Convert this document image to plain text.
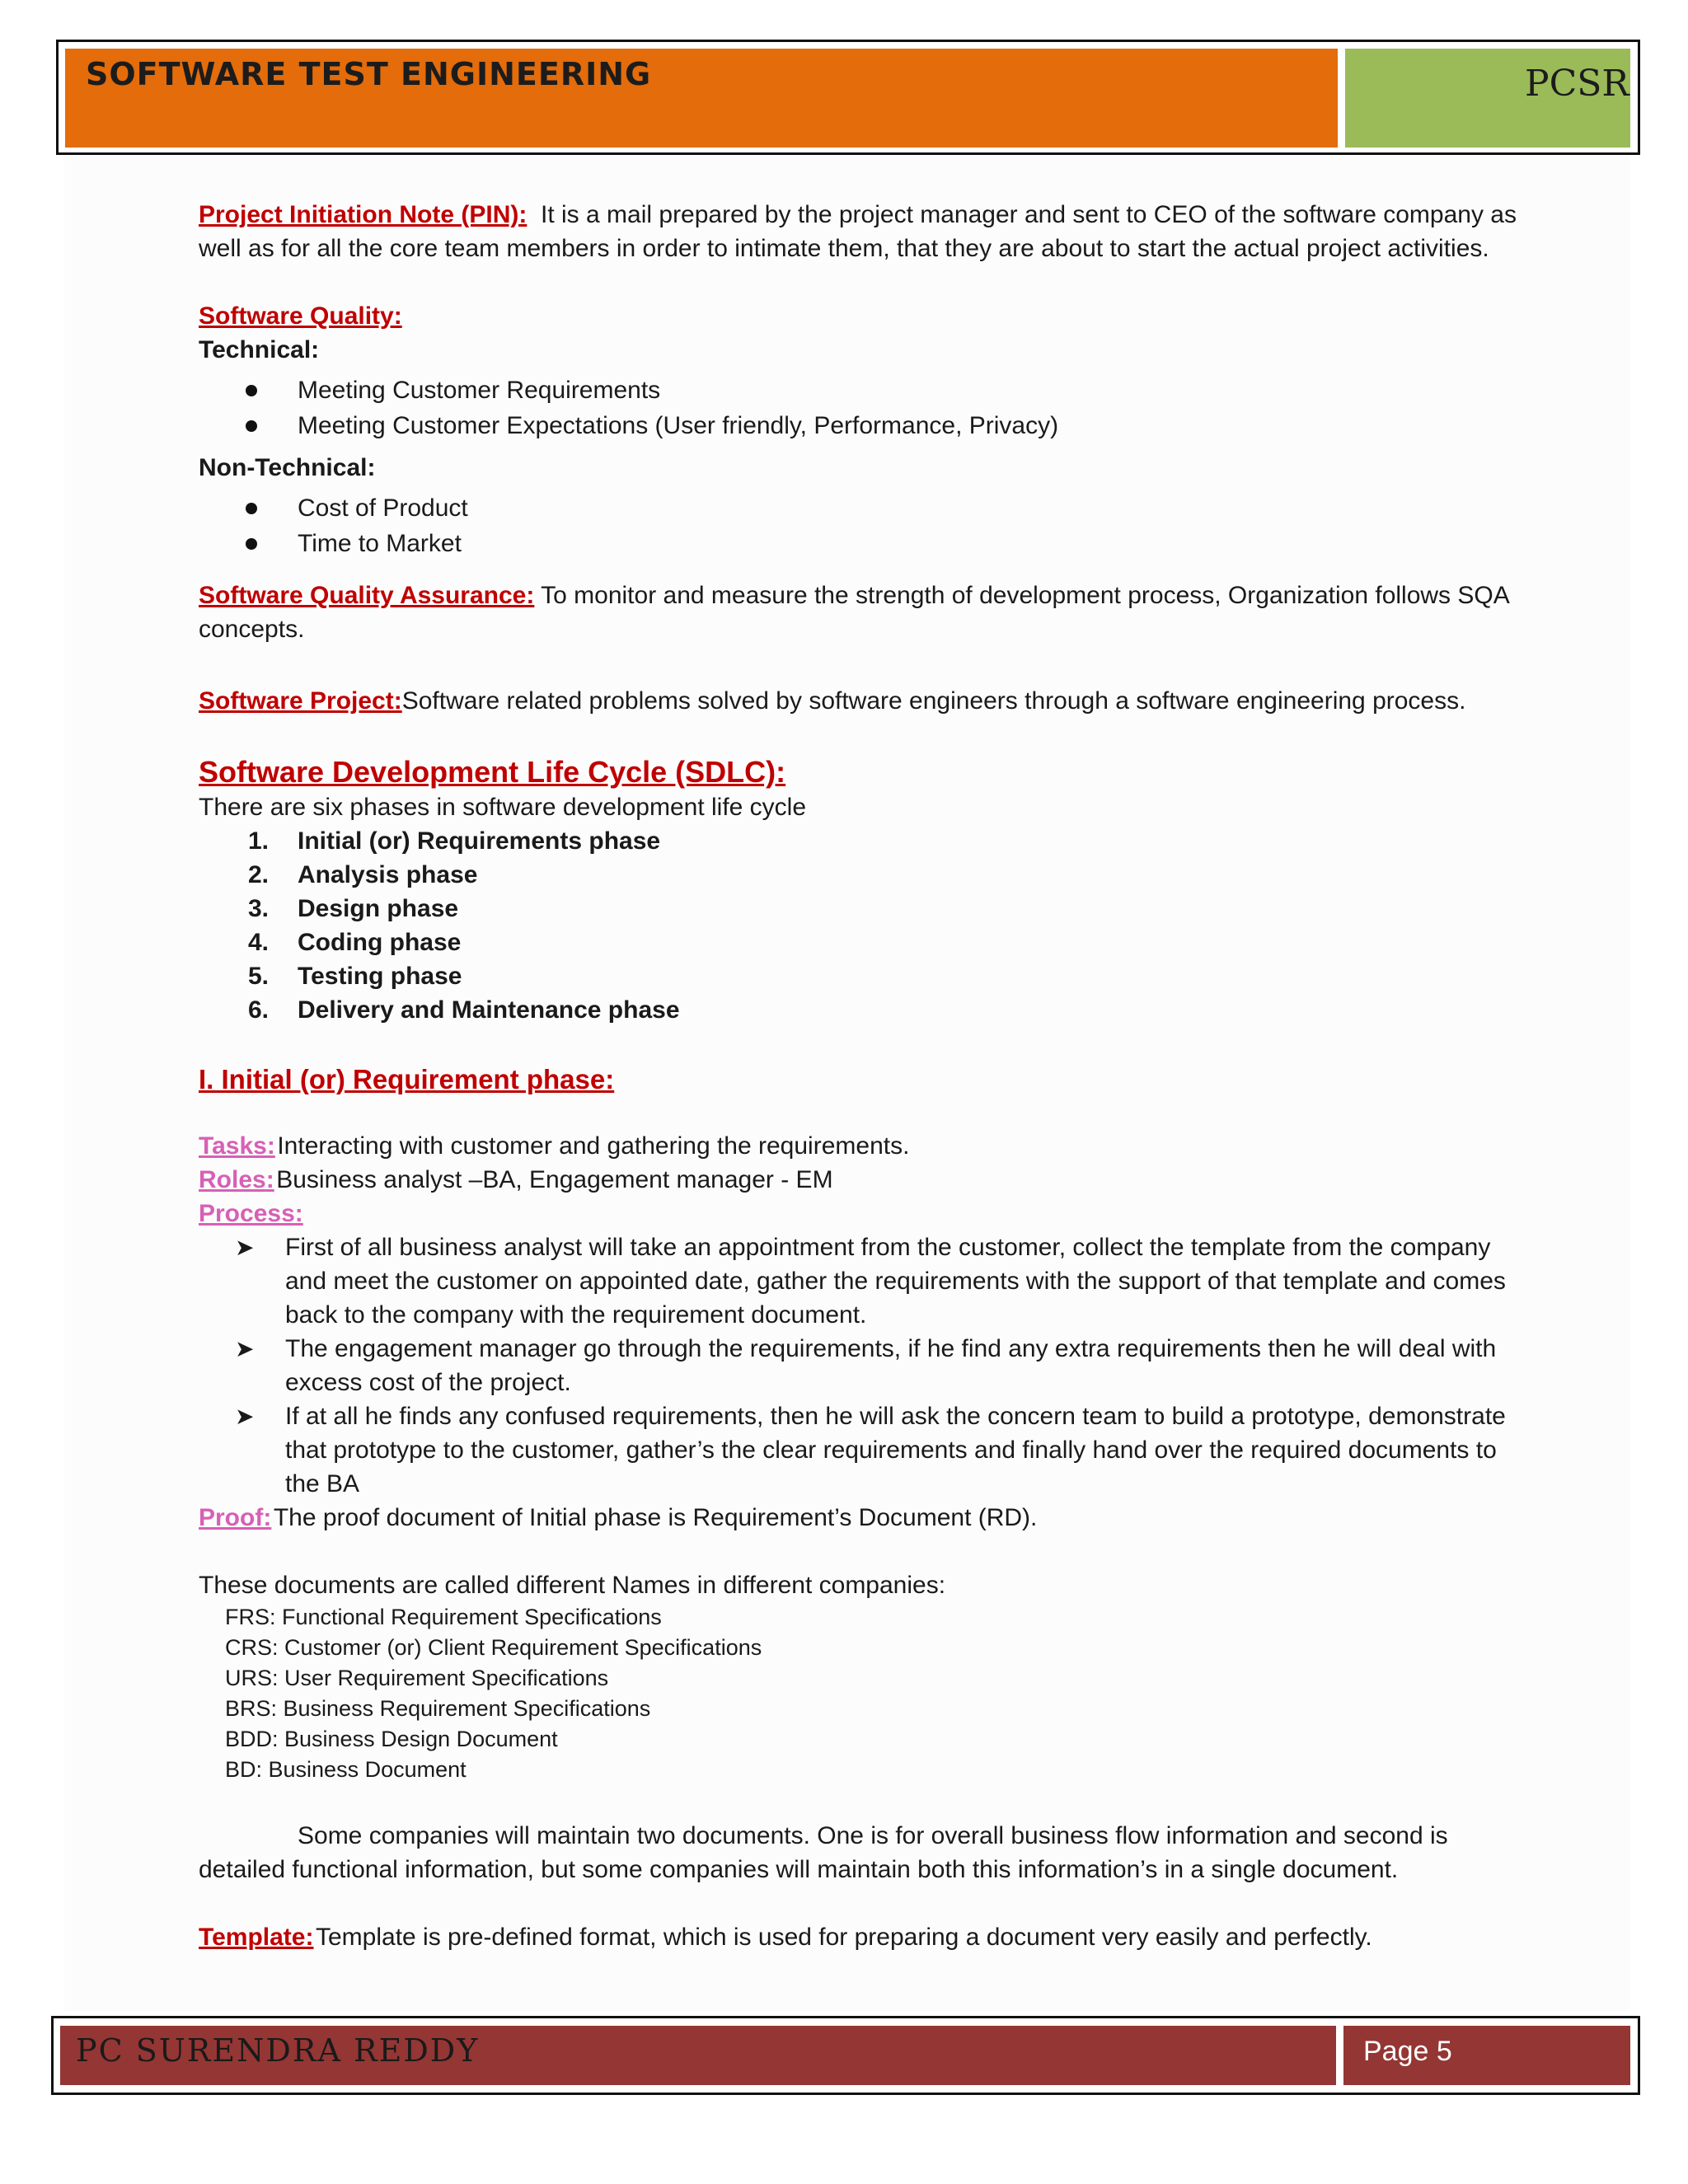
SOFTWARE TEST ENGINEERING	PCSR

Project Initiation Note (PIN): It is a mail prepared by the project manager and sent to CEO of the software company as well as for all the core team members in order to intimate them, that they are about to start the actual project activities.

Software Quality:

Technical:

Meeting Customer Requirements
Meeting Customer Expectations (User friendly, Performance, Privacy)

Non-Technical:

Cost of Product
Time to Market

Software Quality Assurance: To monitor and measure the strength of development process, Organization follows SQA concepts.

Software Project:Software related problems solved by software engineers through a software engineering process.

Software Development Life Cycle (SDLC):

There are six phases in software development life cycle

1. Initial (or) Requirements phase
2. Analysis phase
3. Design phase
4. Coding phase
5. Testing phase
6. Delivery and Maintenance phase

I. Initial (or) Requirement phase:

Tasks: Interacting with customer and gathering the requirements.

Roles: Business analyst –BA, Engagement manager - EM

Process:

➤ First of all business analyst will take an appointment from the customer, collect the template from the company and meet the customer on appointed date, gather the requirements with the support of that template and comes back to the company with the requirement document.
➤ The engagement manager go through the requirements, if he find any extra requirements then he will deal with excess cost of the project.
➤ If at all he finds any confused requirements, then he will ask the concern team to build a prototype, demonstrate that prototype to the customer, gather’s the clear requirements and finally hand over the required documents to the BA

Proof: The proof document of Initial phase is Requirement’s Document (RD).

These documents are called different Names in different companies:

FRS: Functional Requirement Specifications

CRS: Customer (or) Client Requirement Specifications

URS: User Requirement Specifications

BRS: Business Requirement Specifications

BDD: Business Design Document

BD: Business Document

Some companies will maintain two documents. One is for overall business flow information and second is detailed functional information, but some companies will maintain both this information’s in a single document.

Template: Template is pre-defined format, which is used for preparing a document very easily and perfectly.

PC SURENDRA REDDY	Page 5
